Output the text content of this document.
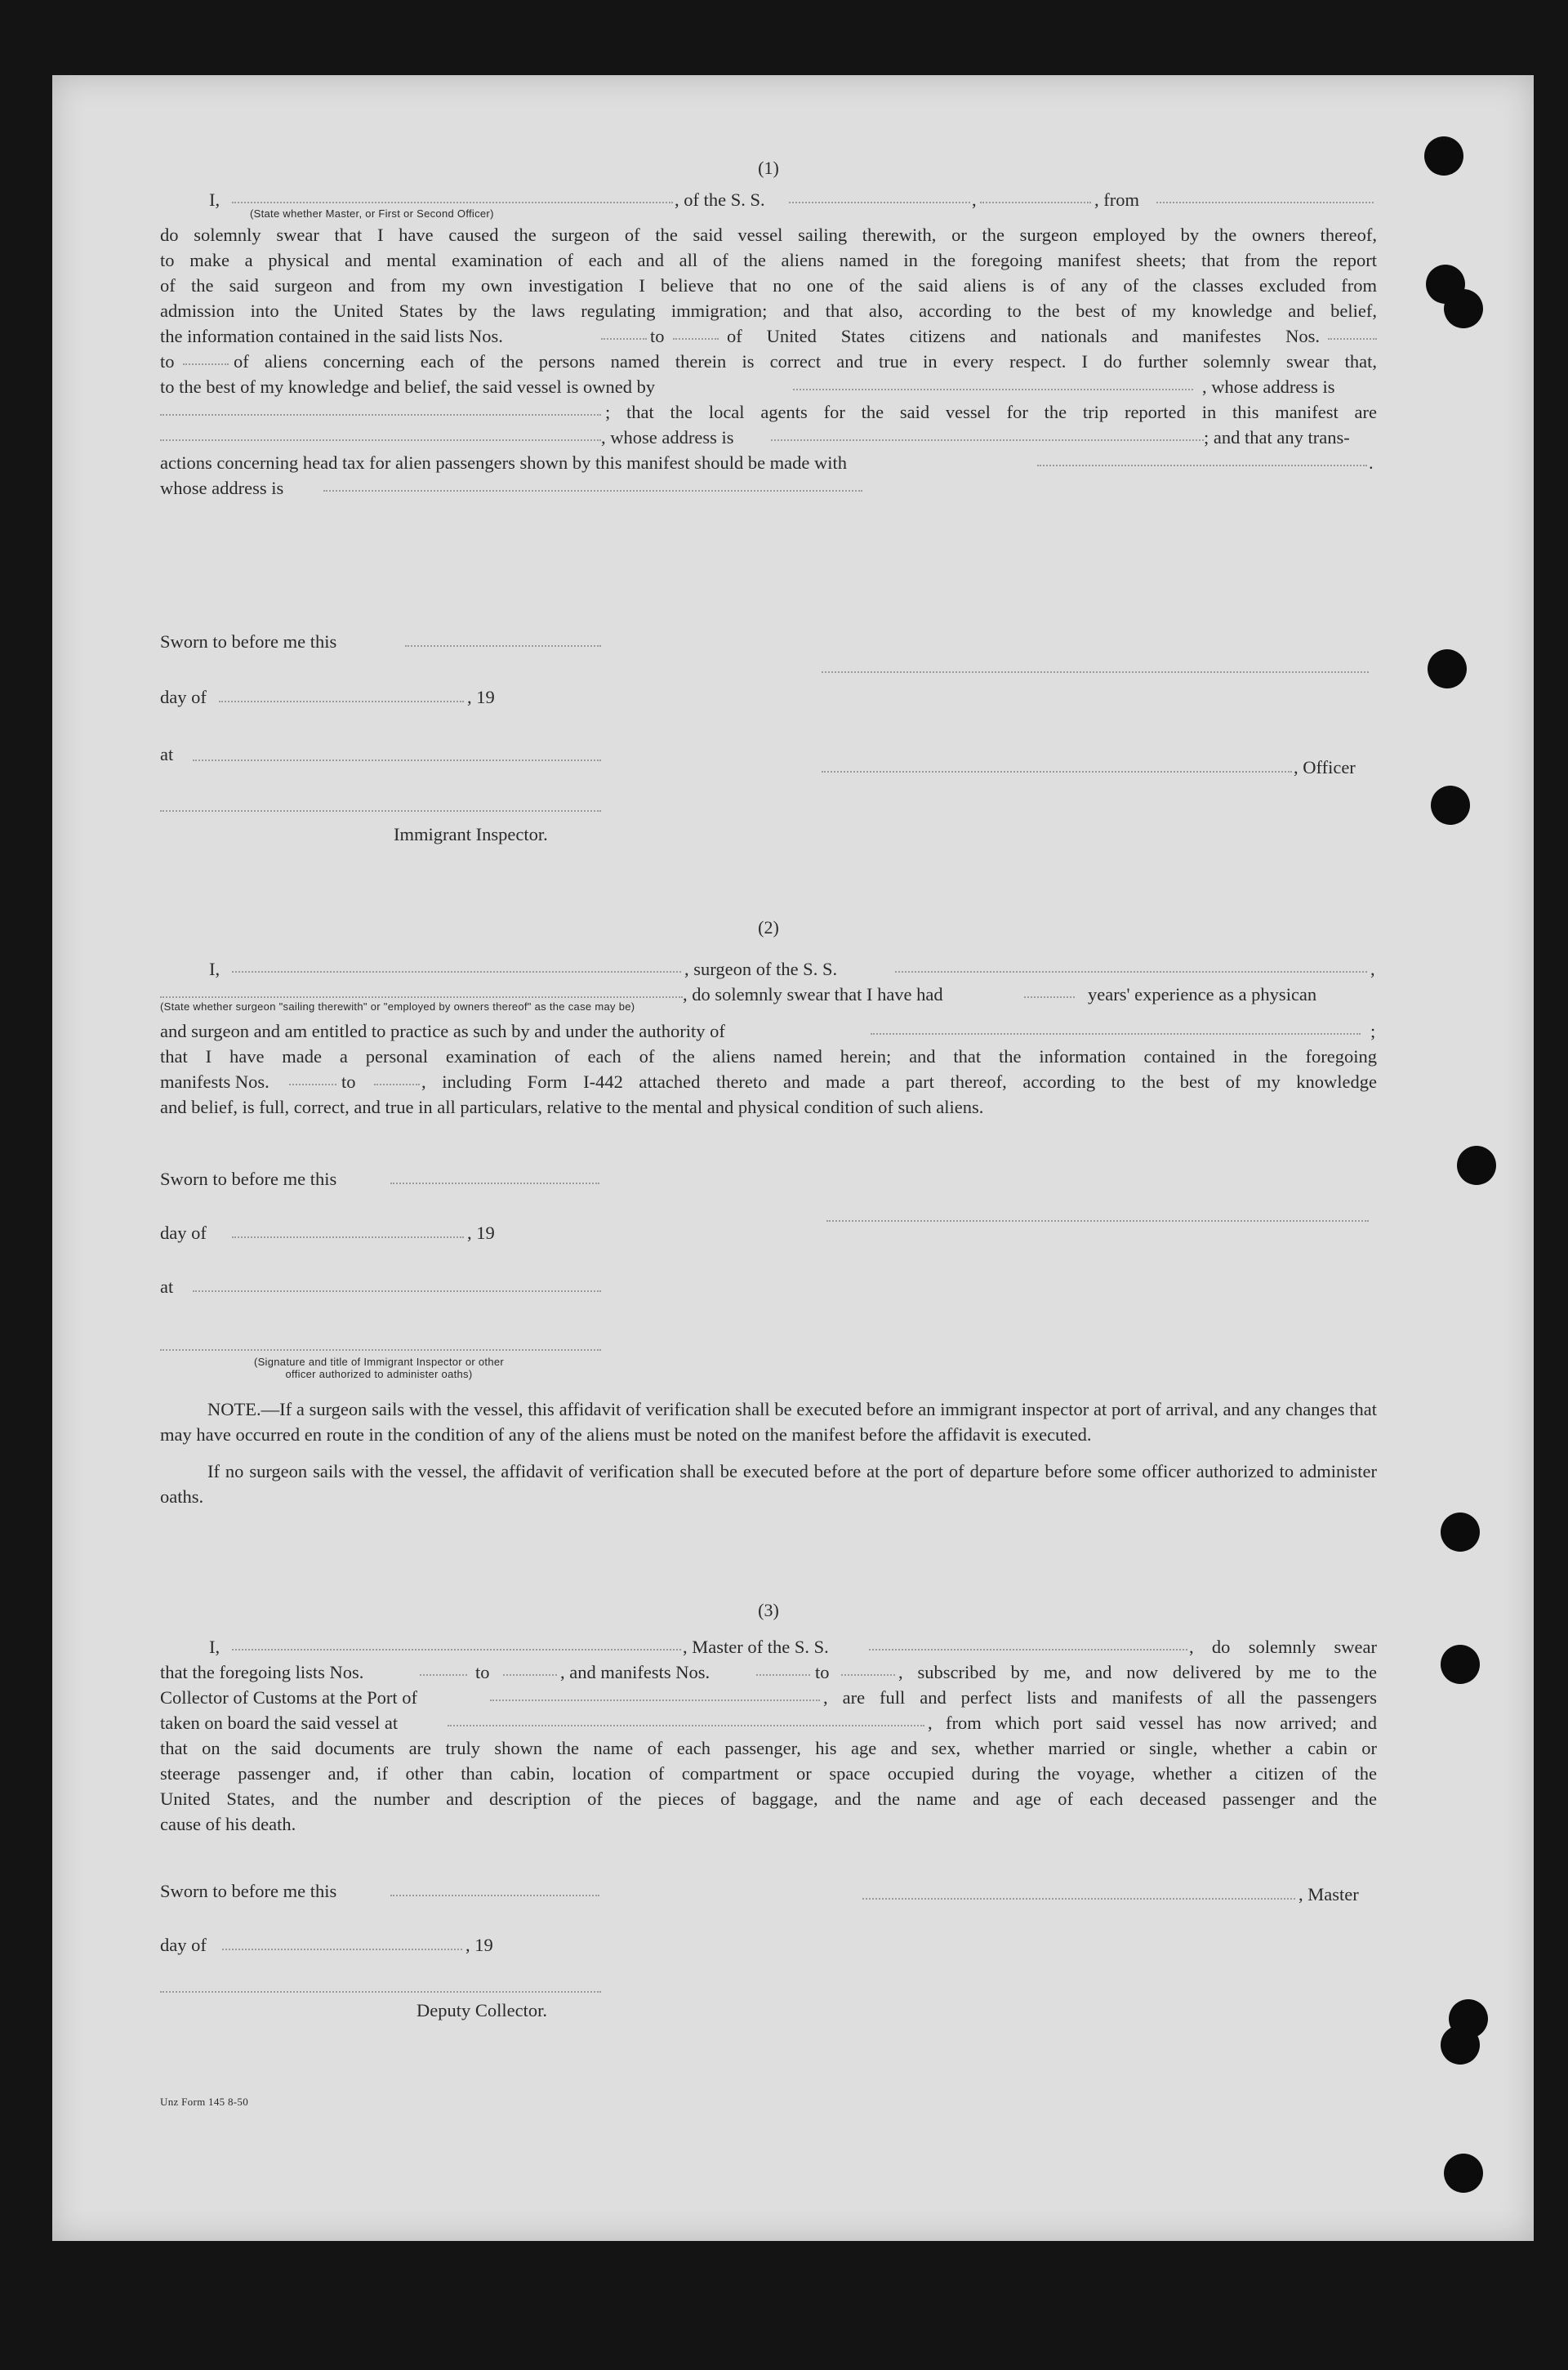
(1)
I,	, of the S. S.	,	, from
(State whether Master, or First or Second Officer)
do solemnly swear that I have caused the surgeon of the said vessel sailing therewith, or the surgeon employed by the owners thereof,
to make a physical and mental examination of each and all of the aliens named in the foregoing manifest sheets; that from the report
of the said surgeon and from my own investigation I believe that no one of the said aliens is of any of the classes excluded from
admission into the United States by the laws regulating immigration; and that also, according to the best of my knowledge and belief,
the information contained in the said lists Nos.	to	of United States citizens and nationals and manifestes Nos.
to	of aliens concerning each of the persons named therein is correct and true in every respect. I do further solemnly swear that,
to the best of my knowledge and belief, the said vessel is owned by	, whose address is
; that the local agents for the said vessel for the trip reported in this manifest are
, whose address is	; and that any trans-
actions concerning head tax for alien passengers shown by this manifest should be made with	.
whose address is
Sworn to before me this
day of	, 19
at
, Officer
Immigrant Inspector.
(2)
I,	, surgeon of the S. S.	,
, do solemnly swear that I have had	years' experience as a physican
(State whether surgeon "sailing therewith" or "employed by owners thereof" as the case may be)
and surgeon and am entitled to practice as such by and under the authority of	;
that I have made a personal examination of each of the aliens named herein; and that the information contained in the foregoing
manifests Nos.	to	, including Form I-442 attached thereto and made a part thereof, according to the best of my knowledge
and belief, is full, correct, and true in all particulars, relative to the mental and physical condition of such aliens.
Sworn to before me this
day of	, 19
at
(Signature and title of Immigrant Inspector or other
officer authorized to administer oaths)

NOTE.—If a surgeon sails with the vessel, this affidavit of verification shall be executed before an immigrant inspector at port of arrival, and any changes that may have occurred en route in the condition of any of the aliens must be noted on the manifest before the affidavit is executed.

If no surgeon sails with the vessel, the affidavit of verification shall be executed before at the port of departure before some officer authorized to administer oaths.

(3)
I,	, Master of the S. S.	, do solemnly swear
that the foregoing lists Nos.	to	, and manifests Nos.	to	, subscribed by me, and now delivered by me to the
Collector of Customs at the Port of	, are full and perfect lists and manifests of all the passengers
taken on board the said vessel at	, from which port said vessel has now arrived; and
that on the said documents are truly shown the name of each passenger, his age and sex, whether married or single, whether a cabin or
steerage passenger and, if other than cabin, location of compartment or space occupied during the voyage, whether a citizen of the
United States, and the number and description of the pieces of baggage, and the name and age of each deceased passenger and the
cause of his death.
Sworn to before me this	, Master
day of	, 19
Deputy Collector.
Unz Form 145 8-50
